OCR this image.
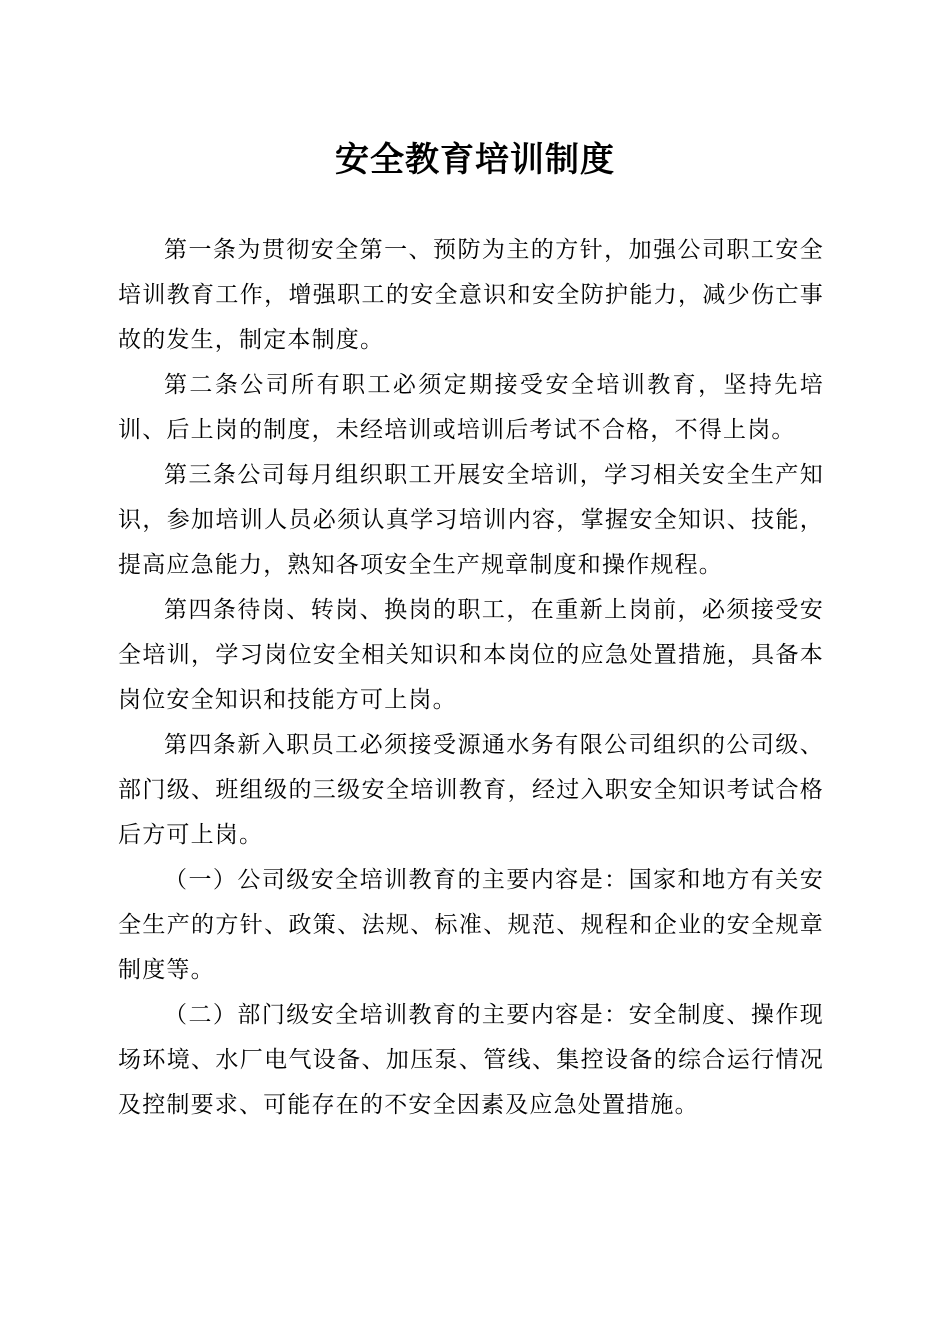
安全教育培训制度

第一条为贯彻安全第一、预防为主的方针，加强公司职工安全培训教育工作，增强职工的安全意识和安全防护能力，减少伤亡事故的发生，制定本制度。

第二条公司所有职工必须定期接受安全培训教育，坚持先培训、后上岗的制度，未经培训或培训后考试不合格，不得上岗。

第三条公司每月组织职工开展安全培训，学习相关安全生产知识，参加培训人员必须认真学习培训内容，掌握安全知识、技能，提高应急能力，熟知各项安全生产规章制度和操作规程。

第四条待岗、转岗、换岗的职工，在重新上岗前，必须接受安全培训，学习岗位安全相关知识和本岗位的应急处置措施，具备本岗位安全知识和技能方可上岗。

第四条新入职员工必须接受源通水务有限公司组织的公司级、部门级、班组级的三级安全培训教育，经过入职安全知识考试合格后方可上岗。

（一）公司级安全培训教育的主要内容是：国家和地方有关安全生产的方针、政策、法规、标准、规范、规程和企业的安全规章制度等。

（二）部门级安全培训教育的主要内容是：安全制度、操作现场环境、水厂电气设备、加压泵、管线、集控设备的综合运行情况及控制要求、可能存在的不安全因素及应急处置措施。
